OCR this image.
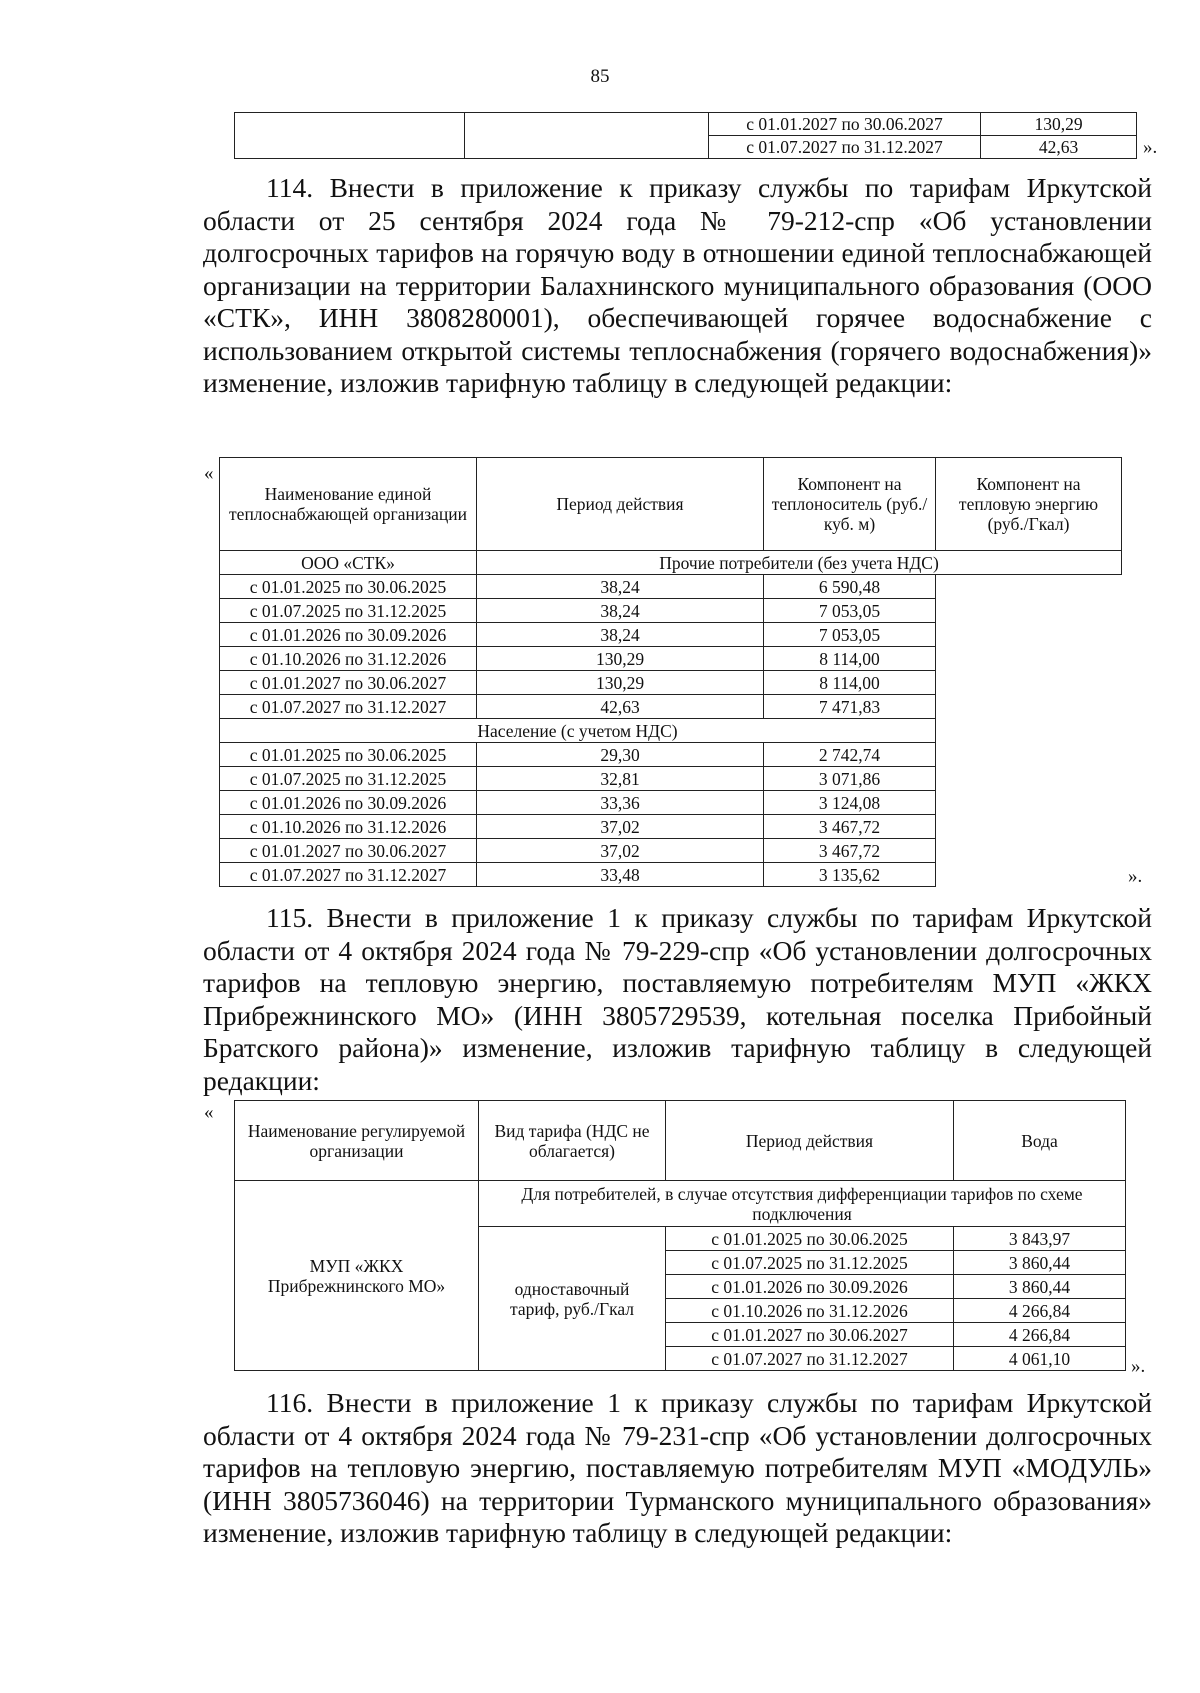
85
		с 01.01.2027 по 30.06.2027	130,29
		с 01.07.2027 по 31.12.2027	42,63	».
114. Внести в приложение к приказу службы по тарифам Иркутской области от 25 сентября 2024 года № 79-212-спр «Об установлении долгосрочных тарифов на горячую воду в отношении единой теплоснабжающей организации на территории Балахнинского муниципального образования (ООО «СТК», ИНН 3808280001), обеспечивающей горячее водоснабжение с использованием открытой системы теплоснабжения (горячего водоснабжения)» изменение, изложив тарифную таблицу в следующей редакции:
«
Наименование единой теплоснабжающей организации	Период действия	Компонент на теплоноситель (руб./куб. м)	Компонент на тепловую энергию (руб./Гкал)
ООО «СТК»	Прочие потребители (без учета НДС)		
с 01.01.2025 по 30.06.2025	38,24	6 590,48	
с 01.07.2025 по 31.12.2025	38,24	7 053,05	
с 01.01.2026 по 30.09.2026	38,24	7 053,05	
с 01.10.2026 по 31.12.2026	130,29	8 114,00	
с 01.01.2027 по 30.06.2027	130,29	8 114,00	
с 01.07.2027 по 31.12.2027	42,63	7 471,83	
Население (с учетом НДС)			
с 01.01.2025 по 30.06.2025	29,30	2 742,74	
с 01.07.2025 по 31.12.2025	32,81	3 071,86	
с 01.01.2026 по 30.09.2026	33,36	3 124,08	
с 01.10.2026 по 31.12.2026	37,02	3 467,72	
с 01.01.2027 по 30.06.2027	37,02	3 467,72	
с 01.07.2027 по 31.12.2027	33,48	3 135,62		».
115. Внести в приложение 1 к приказу службы по тарифам Иркутской области от 4 октября 2024 года № 79-229-спр «Об установлении долгосрочных тарифов на тепловую энергию, поставляемую потребителям МУП «ЖКХ Прибрежнинского МО» (ИНН 3805729539, котельная поселка Прибойный Братского района)» изменение, изложив тарифную таблицу в следующей редакции:
«
Наименование регулируемой организации	Вид тарифа (НДС не облагается)	Период действия	Вода
МУП «ЖКХ Прибрежнинского МО»	Для потребителей, в случае отсутствия дифференциации тарифов по схеме подключения		
	одноставочный тариф, руб./Гкал	с 01.01.2025 по 30.06.2025	3 843,97
		с 01.07.2025 по 31.12.2025	3 860,44
		с 01.01.2026 по 30.09.2026	3 860,44
		с 01.10.2026 по 31.12.2026	4 266,84
		с 01.01.2027 по 30.06.2027	4 266,84
		с 01.07.2027 по 31.12.2027	4 061,10	».
116. Внести в приложение 1 к приказу службы по тарифам Иркутской области от 4 октября 2024 года № 79-231-спр «Об установлении долгосрочных тарифов на тепловую энергию, поставляемую потребителям МУП «МОДУЛЬ» (ИНН 3805736046) на территории Турманского муниципального образования» изменение, изложив тарифную таблицу в следующей редакции:
